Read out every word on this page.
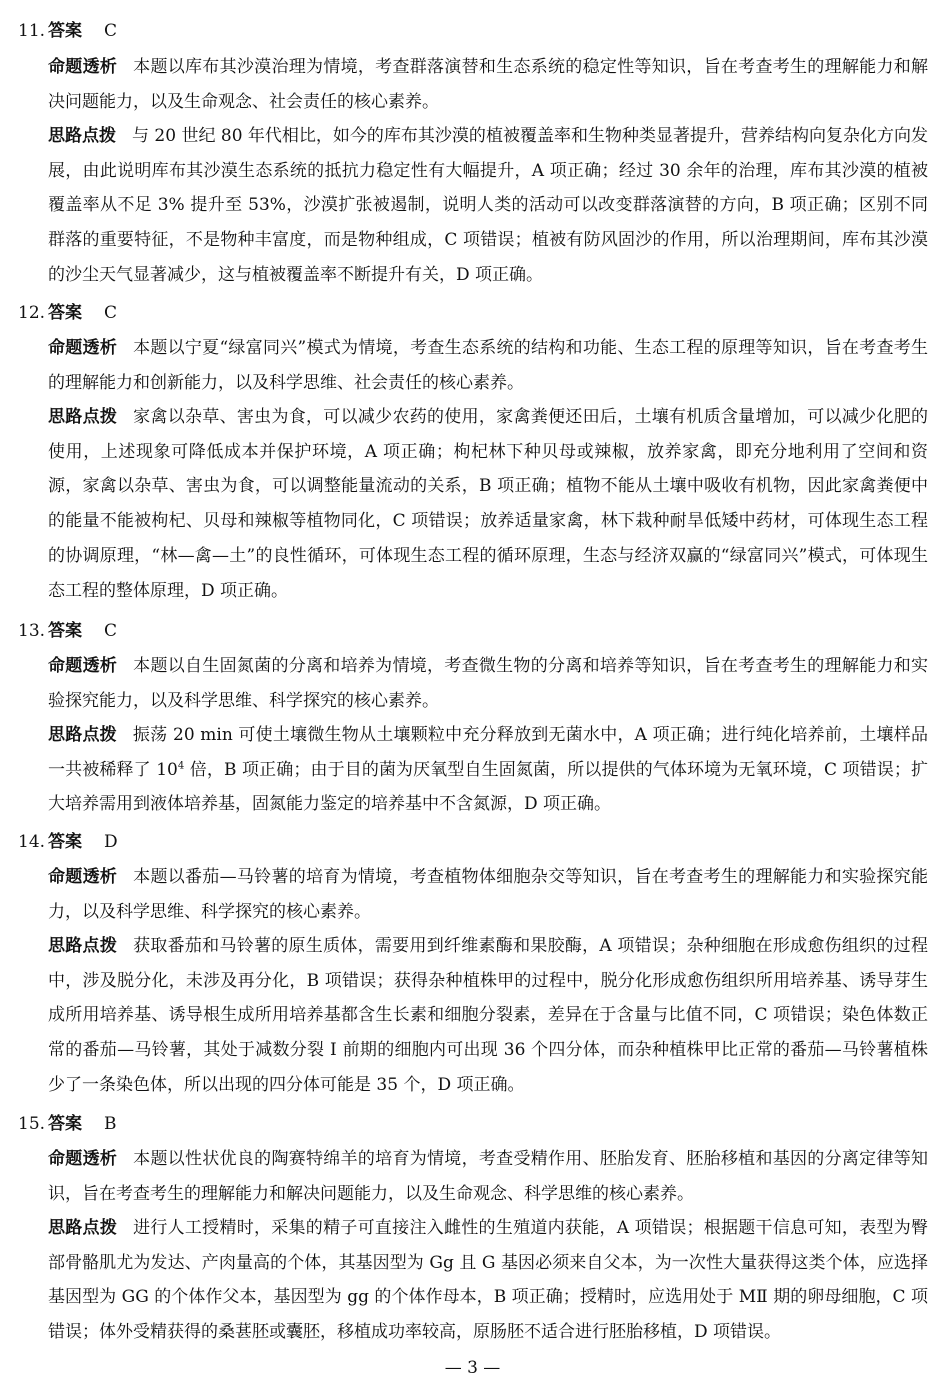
11. 答案 C

命题透析 本题以库布其沙漠治理为情境，考查群落演替和生态系统的稳定性等知识，旨在考查考生的理解能力和解决问题能力，以及生命观念、社会责任的核心素养。

思路点拨 与 20 世纪 80 年代相比，如今的库布其沙漠的植被覆盖率和生物种类显著提升，营养结构向复杂化方向发展，由此说明库布其沙漠生态系统的抵抗力稳定性有大幅提升，A 项正确；经过 30 余年的治理，库布其沙漠的植被覆盖率从不足 3% 提升至 53%，沙漠扩张被遏制，说明人类的活动可以改变群落演替的方向，B 项正确；区别不同群落的重要特征，不是物种丰富度，而是物种组成，C 项错误；植被有防风固沙的作用，所以治理期间，库布其沙漠的沙尘天气显著减少，这与植被覆盖率不断提升有关，D 项正确。

12. 答案 C

命题透析 本题以宁夏“绿富同兴”模式为情境，考查生态系统的结构和功能、生态工程的原理等知识，旨在考查考生的理解能力和创新能力，以及科学思维、社会责任的核心素养。

思路点拨 家禽以杂草、害虫为食，可以减少农药的使用，家禽粪便还田后，土壤有机质含量增加，可以减少化肥的使用，上述现象可降低成本并保护环境，A 项正确；枸杞林下种贝母或辣椒，放养家禽，即充分地利用了空间和资源，家禽以杂草、害虫为食，可以调整能量流动的关系，B 项正确；植物不能从土壤中吸收有机物，因此家禽粪便中的能量不能被枸杞、贝母和辣椒等植物同化，C 项错误；放养适量家禽，林下栽种耐旱低矮中药材，可体现生态工程的协调原理，“林—禽—土”的良性循环，可体现生态工程的循环原理，生态与经济双赢的“绿富同兴”模式，可体现生态工程的整体原理，D 项正确。

13. 答案 C

命题透析 本题以自生固氮菌的分离和培养为情境，考查微生物的分离和培养等知识，旨在考查考生的理解能力和实验探究能力，以及科学思维、科学探究的核心素养。

思路点拨 振荡 20 min 可使土壤微生物从土壤颗粒中充分释放到无菌水中，A 项正确；进行纯化培养前，土壤样品一共被稀释了 $10^4$ 倍，B 项正确；由于目的菌为厌氧型自生固氮菌，所以提供的气体环境为无氧环境，C 项错误；扩大培养需用到液体培养基，固氮能力鉴定的培养基中不含氮源，D 项正确。

14. 答案 D

命题透析 本题以番茄—马铃薯的培育为情境，考查植物体细胞杂交等知识，旨在考查考生的理解能力和实验探究能力，以及科学思维、科学探究的核心素养。

思路点拨 获取番茄和马铃薯的原生质体，需要用到纤维素酶和果胶酶，A 项错误；杂种细胞在形成愈伤组织的过程中，涉及脱分化，未涉及再分化，B 项错误；获得杂种植株甲的过程中，脱分化形成愈伤组织所用培养基、诱导芽生成所用培养基、诱导根生成所用培养基都含生长素和细胞分裂素，差异在于含量与比值不同，C 项错误；染色体数正常的番茄—马铃薯，其处于减数分裂 Ⅰ 前期的细胞内可出现 36 个四分体，而杂种植株甲比正常的番茄—马铃薯植株少了一条染色体，所以出现的四分体可能是 35 个，D 项正确。

15. 答案 B

命题透析 本题以性状优良的陶赛特绵羊的培育为情境，考查受精作用、胚胎发育、胚胎移植和基因的分离定律等知识，旨在考查考生的理解能力和解决问题能力，以及生命观念、科学思维的核心素养。

思路点拨 进行人工授精时，采集的精子可直接注入雌性的生殖道内获能，A 项错误；根据题干信息可知，表型为臀部骨骼肌尤为发达、产肉量高的个体，其基因型为 Gg 且 G 基因必须来自父本，为一次性大量获得这类个体，应选择基因型为 GG 的个体作父本，基因型为 gg 的个体作母本，B 项正确；授精时，应选用处于 MⅡ 期的卵母细胞，C 项错误；体外受精获得的桑葚胚或囊胚，移植成功率较高，原肠胚不适合进行胚胎移植，D 项错误。

— 3 —
